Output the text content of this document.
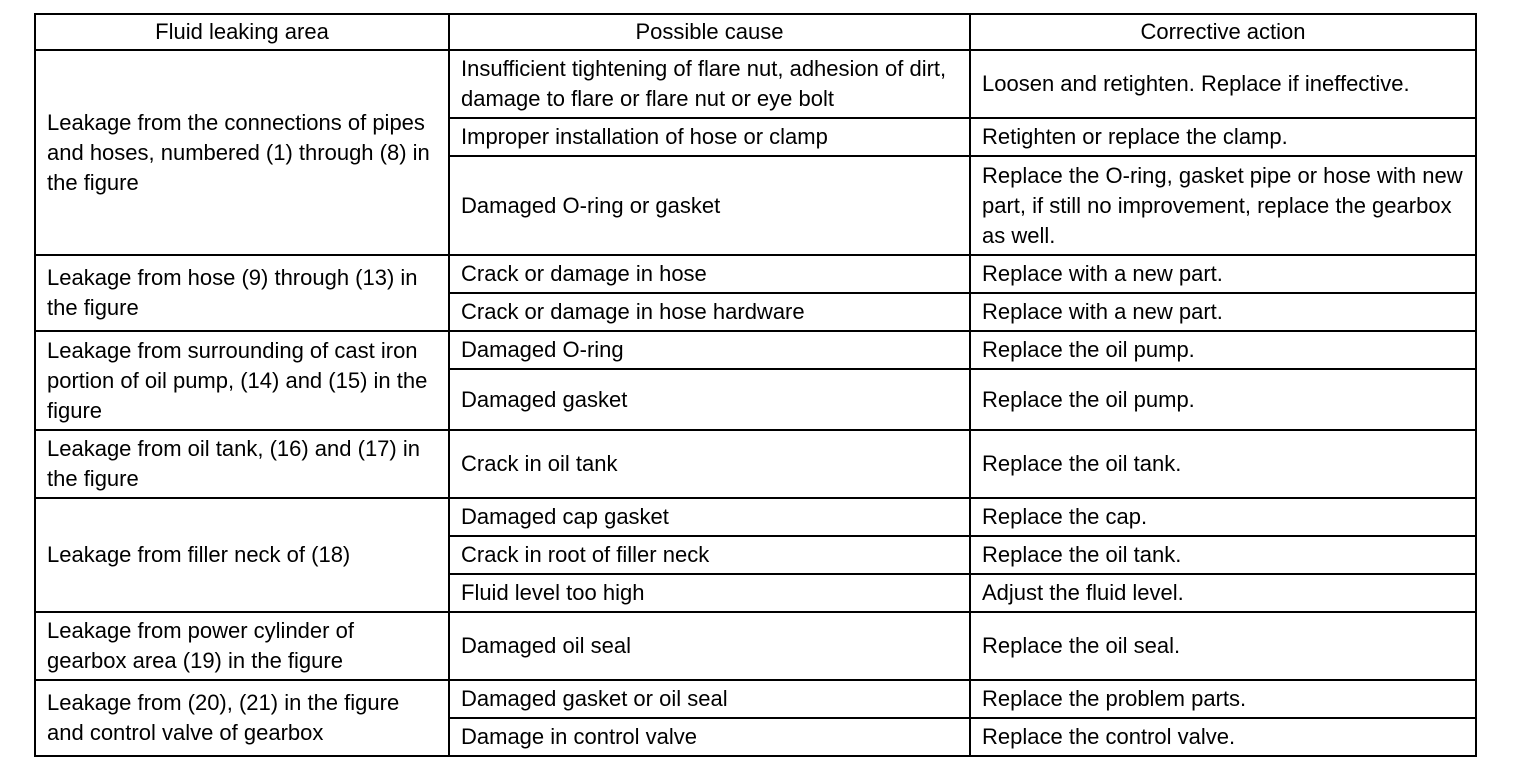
Fluid leaking area	Possible cause	Corrective action
Leakage from the connections of pipes and hoses, numbered (1) through (8) in the figure	Insufficient tightening of flare nut, adhesion of dirt, damage to flare or flare nut or eye bolt	Loosen and retighten. Replace if ineffective.
	Improper installation of hose or clamp	Retighten or replace the clamp.
	Damaged O-ring or gasket	Replace the O-ring, gasket pipe or hose with new part, if still no improvement, replace the gearbox as well.
Leakage from hose (9) through (13) in the figure	Crack or damage in hose	Replace with a new part.
	Crack or damage in hose hardware	Replace with a new part.
Leakage from surrounding of cast iron portion of oil pump, (14) and (15) in the figure	Damaged O-ring	Replace the oil pump.
	Damaged gasket	Replace the oil pump.
Leakage from oil tank, (16) and (17) in the figure	Crack in oil tank	Replace the oil tank.
Leakage from filler neck of (18)	Damaged cap gasket	Replace the cap.
	Crack in root of filler neck	Replace the oil tank.
	Fluid level too high	Adjust the fluid level.
Leakage from power cylinder of gearbox area (19) in the figure	Damaged oil seal	Replace the oil seal.
Leakage from (20), (21) in the figure and control valve of gearbox	Damaged gasket or oil seal	Replace the problem parts.
	Damage in control valve	Replace the control valve.
